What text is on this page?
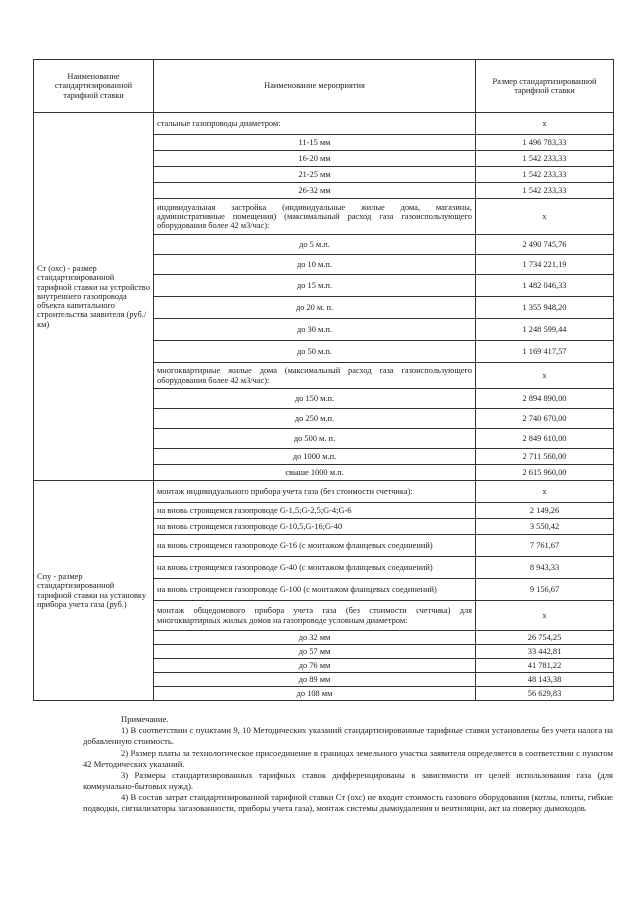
Наименование стандартизированной тарифной ставки	Наименование мероприятия	Размер стандартизированной тарифной ставки
Ст (охс) - размер стандартизированной тарифной ставки на устройство внутреннего газопровода объекта капитального строительства заявителя (руб./км)	стальные газопроводы диаметром:	х
	11-15 мм	1 496 783,33
	16-20 мм	1 542 233,33
	21-25 мм	1 542 233,33
	26-32 мм	1 542 233,33
	индивидуальная застройка (индивидуальные жилые дома, магазины, административные помещения) (максимальный расход газа газоиспользующего оборудования более 42 м3/час):	х
	до 5 м.п.	2 490 745,76
	до 10 м.п.	1 734 221,19
	до 15 м.п.	1 482 046,33
	до 20 м. п.	1 355 948,20
	до 30 м.п.	1 248 599,44
	до 50 м.п.	1 169 417,57
	многоквартирные жилые дома (максимальный расход газа газоиспользующего оборудования более 42 м3/час):	х
	до 150 м.п.	2 894 890,00
	до 250 м.п.	2 740 670,00
	до 500 м. п.	2 849 610,00
	до 1000 м.п.	2 711 560,00
	свыше 1000 м.п.	2 615 960,00
Спу - размер стандартизированной тарифной ставки на установку прибора учета газа (руб.)	монтаж индивидуального прибора учета газа (без стоимости счетчика):	х
	на вновь строящемся газопроводе G-1,5;G-2,5;G-4;G-6	2 149,26
	на вновь строящемся газопроводе G-10,5,G-16;G-40	3 550,42
	на вновь строящемся газопроводе G-16 (с монтажом фланцевых соединений)	7 761,67
	на вновь строящемся газопроводе G-40 (с монтажом фланцевых соединений)	8 943,33
	на вновь строящемся газопроводе G-100 (с монтажом фланцевых соединений)	9 156,67
	монтаж общедомового прибора учета газа (без стоимости счетчика) для многоквартирных жилых домов на газопроводе условным диаметром:	х
	до 32 мм	26 754,25
	до 57 мм	33 442,81
	до 76 мм	41 781,22
	до 89 мм	48 143,38
	до 108 мм	56 629,83

Примечание.

1) В соответствии с пунктами 9, 10 Методических указаний стандартизированные тарифные ставки установлены без учета налога на добавленную стоимость.

2) Размер платы за технологическое присоединение в границах земельного участка заявителя определяется в соответствии с пунктом 42 Методических указаний.

3) Размеры стандартизированных тарифных ставок дифференцированы в зависимости от целей использования газа (для коммунально-бытовых нужд).

4) В состав затрат стандартизированной тарифной ставки Ст (охс) не входит стоимость газового оборудования (котлы, плиты, гибкие подводки, сигнализаторы загазованности, приборы учета газа), монтаж системы дымоудаления и вентиляции, акт на поверку дымоходов.
